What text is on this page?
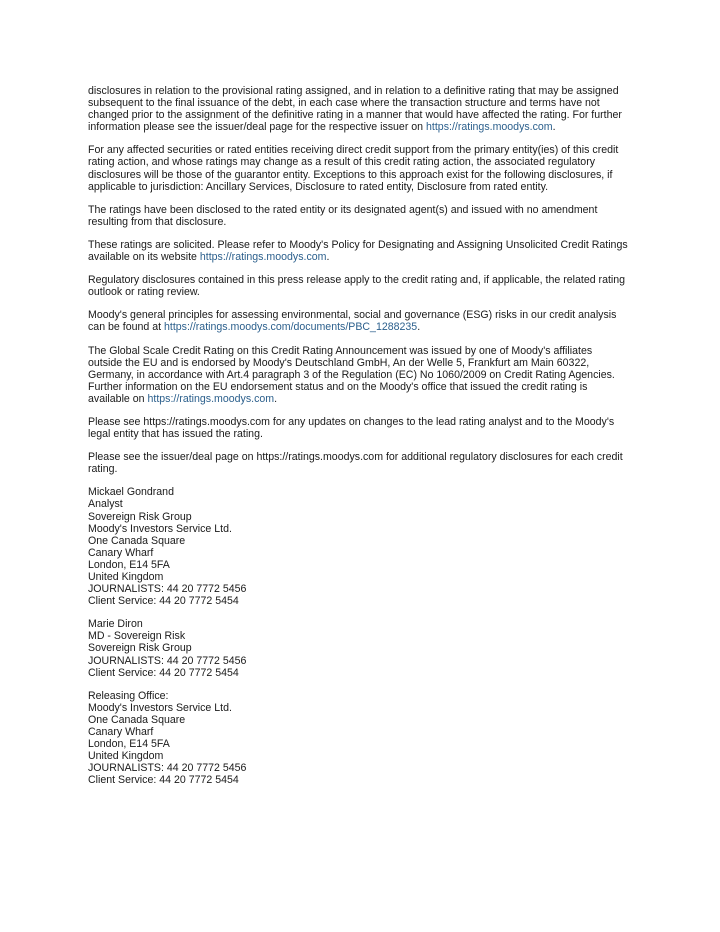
disclosures in relation to the provisional rating assigned, and in relation to a definitive rating that may be assigned subsequent to the final issuance of the debt, in each case where the transaction structure and terms have not changed prior to the assignment of the definitive rating in a manner that would have affected the rating. For further information please see the issuer/deal page for the respective issuer on https://ratings.moodys.com.
For any affected securities or rated entities receiving direct credit support from the primary entity(ies) of this credit rating action, and whose ratings may change as a result of this credit rating action, the associated regulatory disclosures will be those of the guarantor entity. Exceptions to this approach exist for the following disclosures, if applicable to jurisdiction: Ancillary Services, Disclosure to rated entity, Disclosure from rated entity.
The ratings have been disclosed to the rated entity or its designated agent(s) and issued with no amendment resulting from that disclosure.
These ratings are solicited. Please refer to Moody's Policy for Designating and Assigning Unsolicited Credit Ratings available on its website https://ratings.moodys.com.
Regulatory disclosures contained in this press release apply to the credit rating and, if applicable, the related rating outlook or rating review.
Moody's general principles for assessing environmental, social and governance (ESG) risks in our credit analysis can be found at https://ratings.moodys.com/documents/PBC_1288235.
The Global Scale Credit Rating on this Credit Rating Announcement was issued by one of Moody's affiliates outside the EU and is endorsed by Moody's Deutschland GmbH, An der Welle 5, Frankfurt am Main 60322, Germany, in accordance with Art.4 paragraph 3 of the Regulation (EC) No 1060/2009 on Credit Rating Agencies. Further information on the EU endorsement status and on the Moody's office that issued the credit rating is available on https://ratings.moodys.com.
Please see https://ratings.moodys.com for any updates on changes to the lead rating analyst and to the Moody's legal entity that has issued the rating.
Please see the issuer/deal page on https://ratings.moodys.com for additional regulatory disclosures for each credit rating.
Mickael Gondrand
Analyst
Sovereign Risk Group
Moody's Investors Service Ltd.
One Canada Square
Canary Wharf
London, E14 5FA
United Kingdom
JOURNALISTS: 44 20 7772 5456
Client Service: 44 20 7772 5454
Marie Diron
MD - Sovereign Risk
Sovereign Risk Group
JOURNALISTS: 44 20 7772 5456
Client Service: 44 20 7772 5454
Releasing Office:
Moody's Investors Service Ltd.
One Canada Square
Canary Wharf
London, E14 5FA
United Kingdom
JOURNALISTS: 44 20 7772 5456
Client Service: 44 20 7772 5454
